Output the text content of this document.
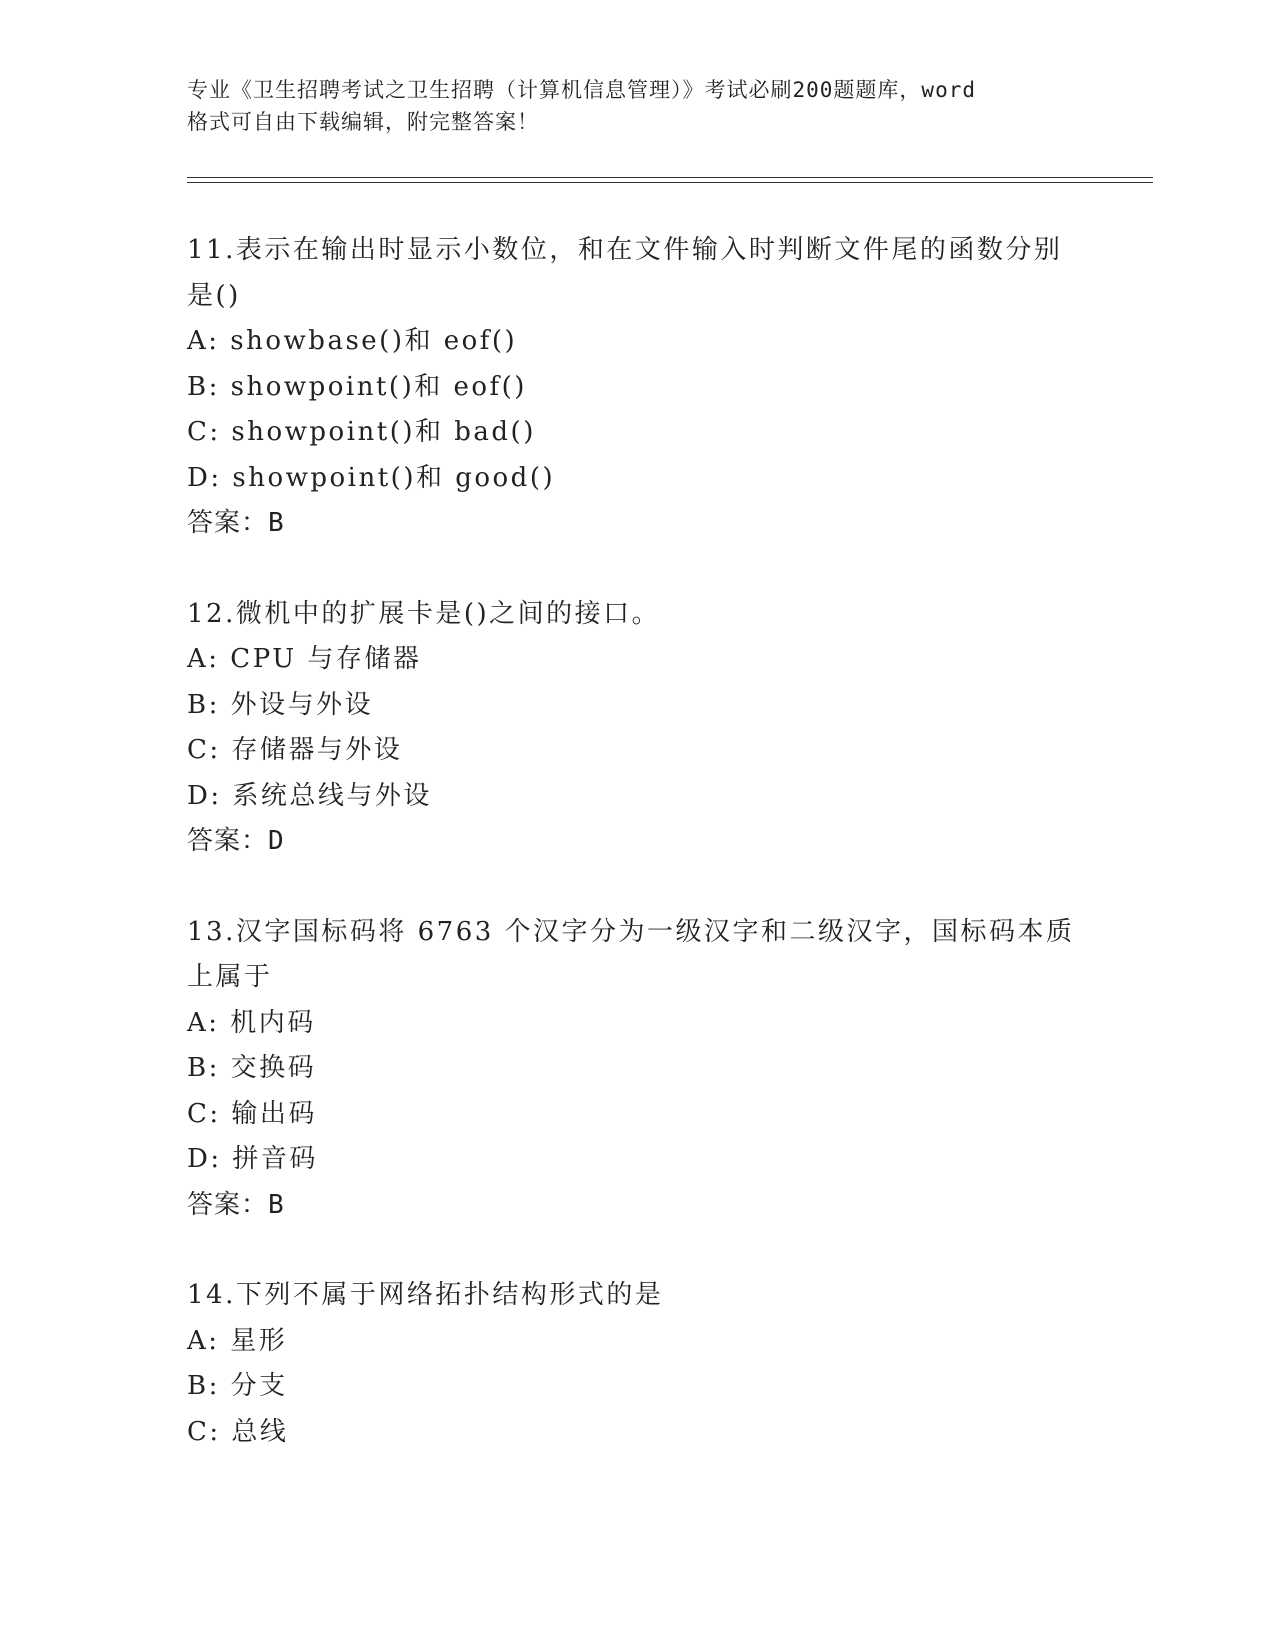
专业《卫生招聘考试之卫生招聘（计算机信息管理）》考试必刷200题题库，word
格式可自由下载编辑，附完整答案！
11.表示在输出时显示小数位，和在文件输入时判断文件尾的函数分别
是()
A: showbase()和 eof()
B: showpoint()和 eof()
C: showpoint()和 bad()
D: showpoint()和 good()
答案：B
12.微机中的扩展卡是()之间的接口。
A: CPU 与存储器
B: 外设与外设
C: 存储器与外设
D: 系统总线与外设
答案：D
13.汉字国标码将 6763 个汉字分为一级汉字和二级汉字，国标码本质
上属于
A: 机内码
B: 交换码
C: 输出码
D: 拼音码
答案：B
14.下列不属于网络拓扑结构形式的是
A: 星形
B: 分支
C: 总线
